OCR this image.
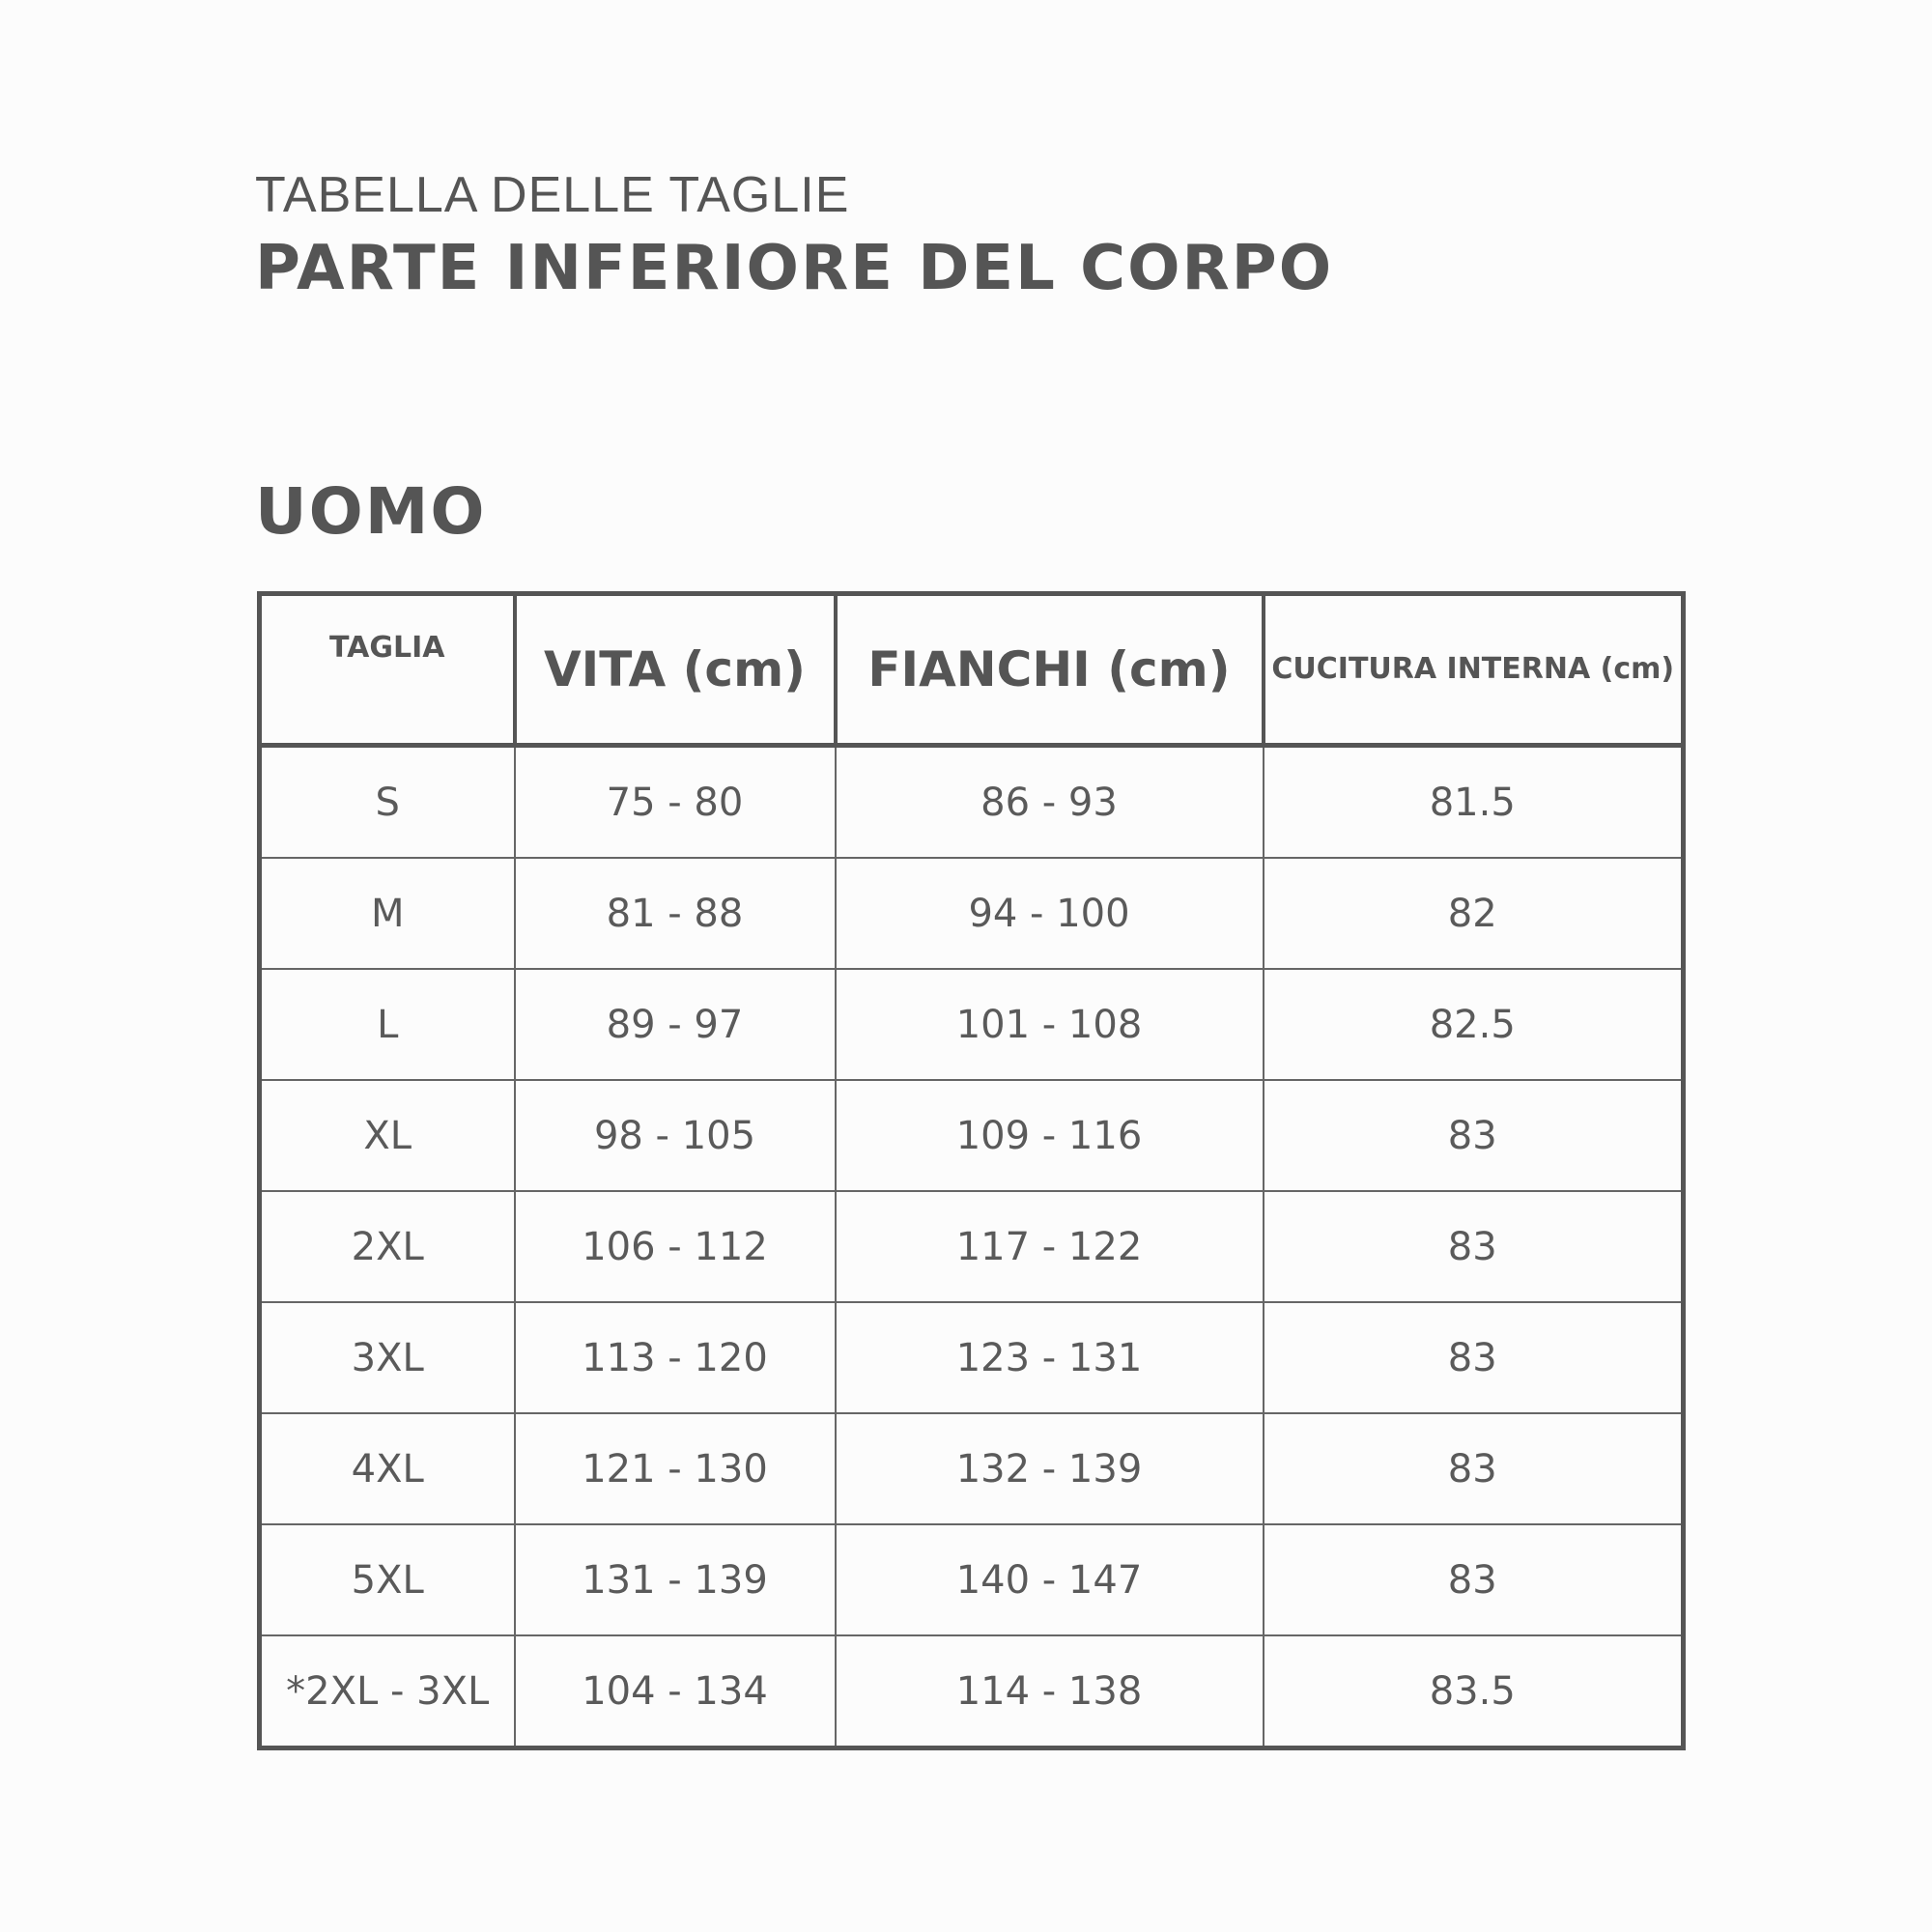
TABELLA DELLE TAGLIE
PARTE INFERIORE DEL CORPO
UOMO
TAGLIA	VITA (cm)	FIANCHI (cm)	CUCITURA INTERNA (cm)
S	75 - 80	86 - 93	81.5
M	81 - 88	94 - 100	82
L	89 - 97	101 - 108	82.5
XL	98 - 105	109 - 116	83
2XL	106 - 112	117 - 122	83
3XL	113 - 120	123 - 131	83
4XL	121 - 130	132 - 139	83
5XL	131 - 139	140 - 147	83
*2XL - 3XL	104 - 134	114 - 138	83.5
